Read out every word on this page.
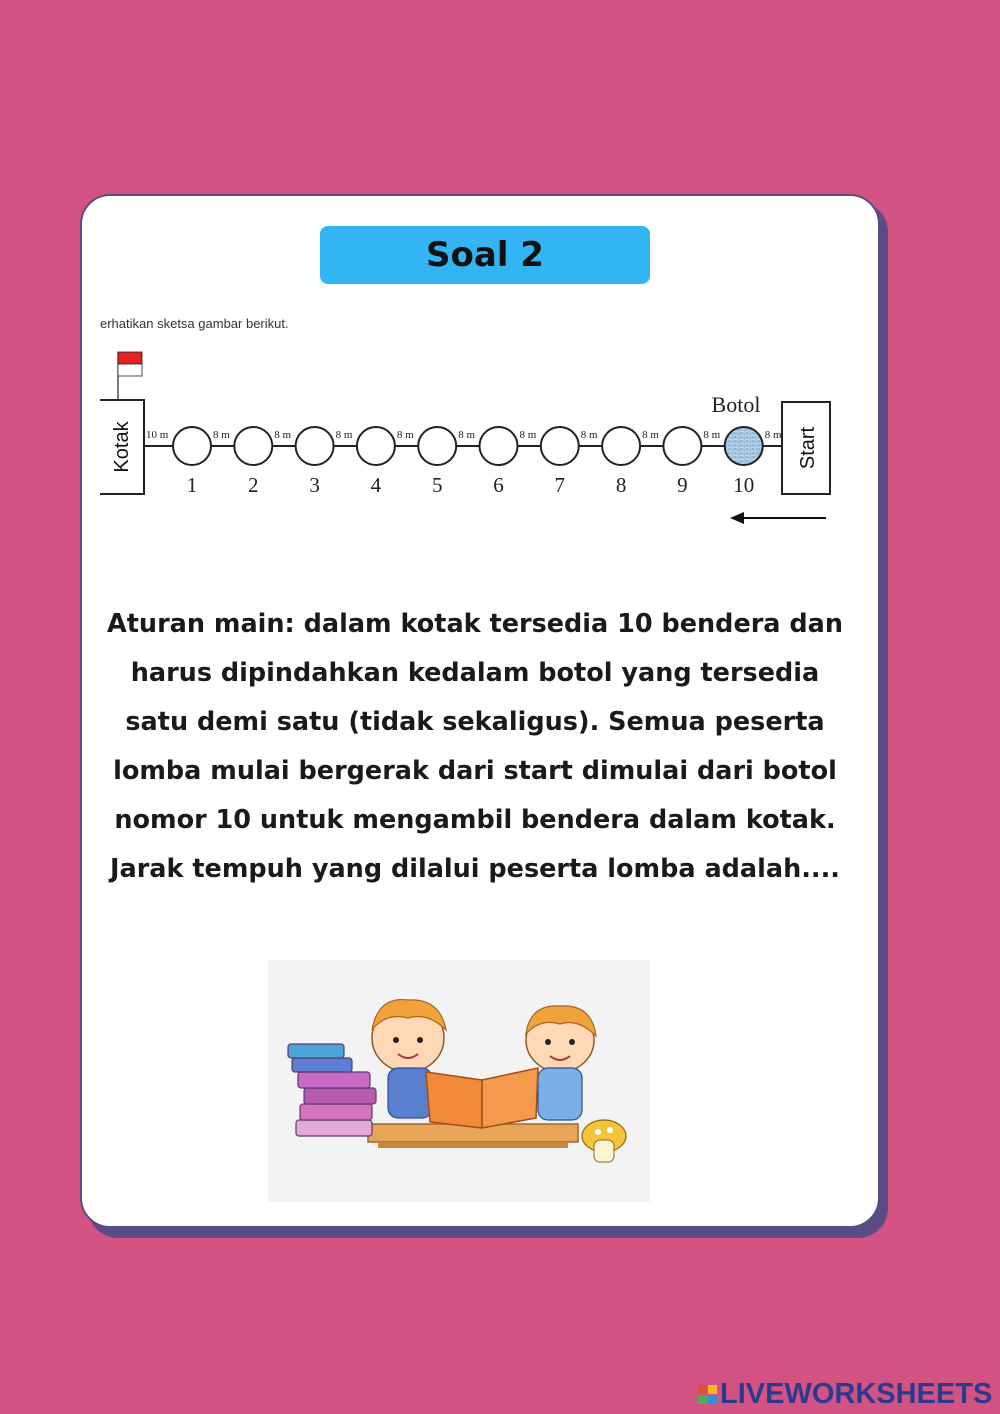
Soal 2
erhatikan sketsa gambar berikut.
Kotak	Start
Botol
10 m
1
8 m
2
8 m
3
8 m
4
8 m
5
8 m
6
8 m
7
8 m
8
8 m
9
8 m
10
8 m
Aturan main: dalam kotak tersedia 10 bendera dan
harus dipindahkan kedalam botol yang tersedia
satu demi satu (tidak sekaligus). Semua peserta
lomba mulai bergerak dari start dimulai dari botol
nomor 10 untuk mengambil bendera dalam kotak.
Jarak tempuh yang dilalui peserta lomba adalah....
LIVEWORKSHEETS
